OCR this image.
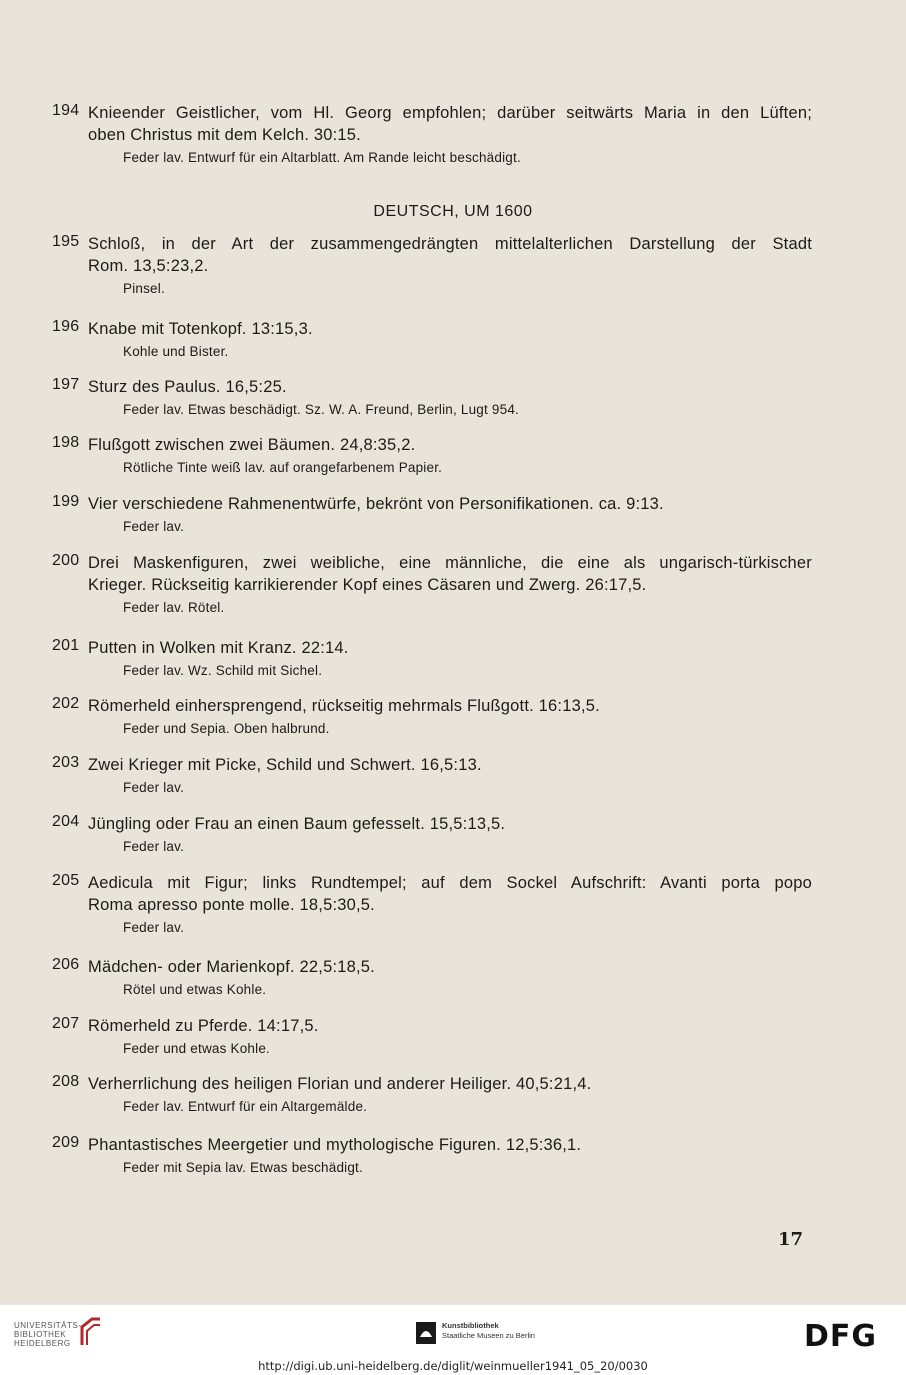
194 Knieender Geistlicher, vom Hl. Georg empfohlen; darüber seitwärts Maria in den Lüften;
oben Christus mit dem Kelch. 30:15.
Feder lav. Entwurf für ein Altarblatt. Am Rande leicht beschädigt.
DEUTSCH, UM 1600
195 Schloß, in der Art der zusammengedrängten mittelalterlichen Darstellung der Stadt
Rom. 13,5:23,2.
Pinsel.
196 Knabe mit Totenkopf. 13:15,3.
Kohle und Bister.
197 Sturz des Paulus. 16,5:25.
Feder lav. Etwas beschädigt. Sz. W. A. Freund, Berlin, Lugt 954.
198 Flußgott zwischen zwei Bäumen. 24,8:35,2.
Rötliche Tinte weiß lav. auf orangefarbenem Papier.
199 Vier verschiedene Rahmenentwürfe, bekrönt von Personifikationen. ca. 9:13.
Feder lav.
200 Drei Maskenfiguren, zwei weibliche, eine männliche, die eine als ungarisch-türkischer
Krieger. Rückseitig karrikierender Kopf eines Cäsaren und Zwerg. 26:17,5.
Feder lav. Rötel.
201 Putten in Wolken mit Kranz. 22:14.
Feder lav. Wz. Schild mit Sichel.
202 Römerheld einhersprengend, rückseitig mehrmals Flußgott. 16:13,5.
Feder und Sepia. Oben halbrund.
203 Zwei Krieger mit Picke, Schild und Schwert. 16,5:13.
Feder lav.
204 Jüngling oder Frau an einen Baum gefesselt. 15,5:13,5.
Feder lav.
205 Aedicula mit Figur; links Rundtempel; auf dem Sockel Aufschrift: Avanti porta popo
Roma apresso ponte molle. 18,5:30,5.
Feder lav.
206 Mädchen- oder Marienkopf. 22,5:18,5.
Rötel und etwas Kohle.
207 Römerheld zu Pferde. 14:17,5.
Feder und etwas Kohle.
208 Verherrlichung des heiligen Florian und anderer Heiliger. 40,5:21,4.
Feder lav. Entwurf für ein Altargemälde.
209 Phantastisches Meergetier und mythologische Figuren. 12,5:36,1.
Feder mit Sepia lav. Etwas beschädigt.
17
UNIVERSITÄTS-
BIBLIOTHEK
HEIDELBERG
Kunstbibliothek
Staatliche Museen zu Berlin	DFG
http://digi.ub.uni-heidelberg.de/diglit/weinmueller1941_05_20/0030
